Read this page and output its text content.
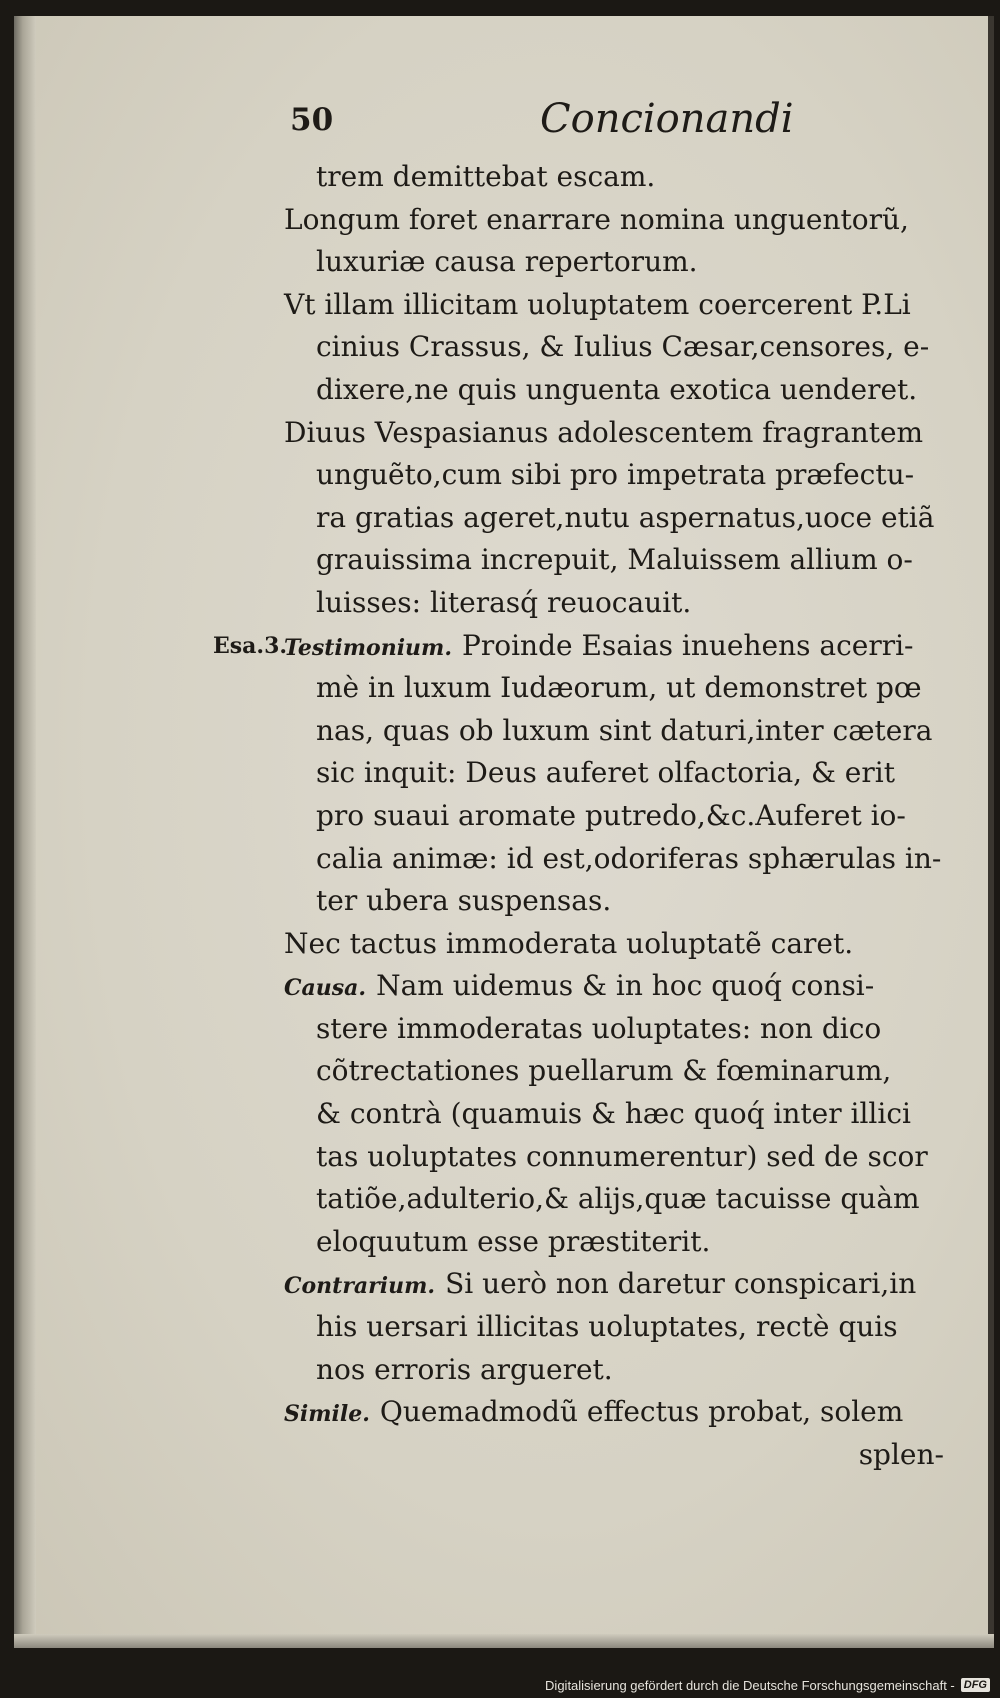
50	Concionandi
trem demittebat escam.
Longum foret enarrare nomina unguentorũ,
luxuriæ causa repertorum.
Vt illam illicitam uoluptatem coercerent P.Li
cinius Crassus, & Iulius Cæsar,censores, e-
dixere,ne quis unguenta exotica uenderet.
Diuus Vespasianus adolescentem fragrantem
unguẽto,cum sibi pro impetrata præfectu-
ra gratias ageret,nutu aspernatus,uoce etiã
grauissima increpuit, Maluissem allium o-
luisses: literasq́ reuocauit.
Esa.3.
Testimonium. Proinde Esaias inuehens acerri-
mè in luxum Iudæorum, ut demonstret pœ
nas, quas ob luxum sint daturi,inter cætera
sic inquit: Deus auferet olfactoria, & erit
pro suaui aromate putredo,&c.Auferet io-
calia animæ: id est,odoriferas sphærulas in-
ter ubera suspensas.
Nec tactus immoderata uoluptatẽ caret.
Causa. Nam uidemus & in hoc quoq́ consi-
stere immoderatas uoluptates: non dico
cõtrectationes puellarum & fœminarum,
& contrà (quamuis & hæc quoq́ inter illici
tas uoluptates connumerentur) sed de scor
tatiõe,adulterio,& alijs,quæ tacuisse quàm
eloquutum esse præstiterit.
Contrarium. Si uerò non daretur conspicari,in
his uersari illicitas uoluptates, rectè quis
nos erroris argueret.
Simile. Quemadmodũ effectus probat, solem
splen-
Digitalisierung gefördert durch die Deutsche Forschungsgemeinschaft - DFG
